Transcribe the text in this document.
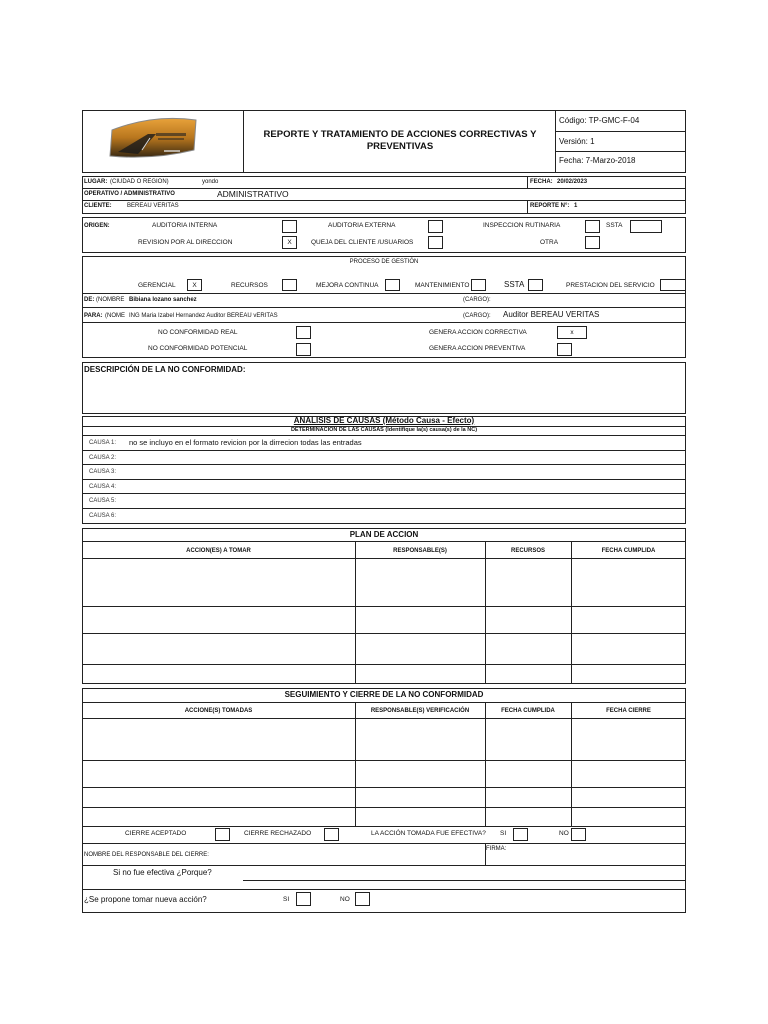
REPORTE Y TRATAMIENTO DE ACCIONES CORRECTIVAS Y
PREVENTIVAS
Código: TP-GMC-F-04
Versión: 1
Fecha: 7-Marzo-2018
LUGAR: (CIUDAD O REGION)	yondo	FECHA: 20/02/2023
OPERATIVO / ADMINISTRATIVO	ADMINISTRATIVO
CLIENTE:	BEREAU VERITAS	REPORTE N°: 1
ORIGEN:	AUDITORIA INTERNA	AUDITORIA EXTERNA	INSPECCION RUTINARIA	SSTA
REVISION POR AL DIRECCION	X	QUEJA DEL CLIENTE /USUARIOS	OTRA
PROCESO DE GESTIÓN
GERENCIAL	X	RECURSOS	MEJORA CONTINUA	MANTENIMIENTO	SSTA	PRESTACION DEL SERVICIO
DE: (NOMBRE Bibiana lozano sanchez	(CARGO):
PARA: (NOME ING Maria Izabel Hernandez Auditor BEREAU vERITAS	(CARGO): Auditor BEREAU VERITAS
NO CONFORMIDAD REAL	GENERA ACCION CORRECTIVA	x
NO CONFORMIDAD POTENCIAL	GENERA ACCION PREVENTIVA
DESCRIPCIÓN DE LA NO CONFORMIDAD:
ANALISIS DE CAUSAS (Método Causa - Efecto)
DETERMINACION DE LAS CAUSAS (Identifique la(s) causa(s) de la NC)
CAUSA 1: no se incluyo en el formato revicion por la dirrecion todas las entradas
CAUSA 2:
CAUSA 3:
CAUSA 4:
CAUSA 5:
CAUSA 6:
PLAN DE ACCION
ACCION(ES) A TOMAR	RESPONSABLE(S)	RECURSOS	FECHA CUMPLIDA
SEGUIMIENTO Y CIERRE DE LA NO CONFORMIDAD
ACCIONE(S) TOMADAS	RESPONSABLE(S) VERIFICACIÓN	FECHA CUMPLIDA	FECHA CIERRE
CIERRE ACEPTADO	CIERRE RECHAZADO	LA ACCIÓN TOMADA FUE EFECTIVA? SI	NO
NOMBRE DEL RESPONSABLE DEL CIERRE:
FIRMA:
Si no fue efectiva ¿Porque?
¿Se propone tomar nueva acción?	SI	NO
